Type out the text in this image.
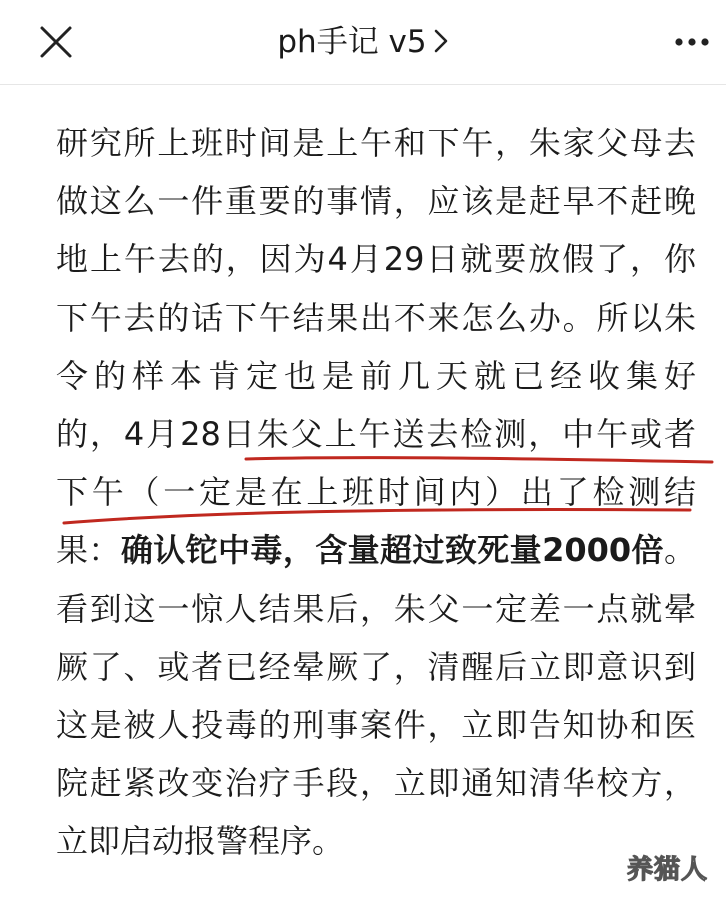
ph手记 v5
研究所上班时间是上午和下午，朱家父母去
做这么一件重要的事情，应该是赶早不赶晚
地上午去的，因为4月29日就要放假了，你
下午去的话下午结果出不来怎么办。所以朱
令的样本肯定也是前几天就已经收集好
的，4月28日朱父上午送去检测，中午或者
下午（一定是在上班时间内）出了检测结
果：确认铊中毒，含量超过致死量2000倍。
看到这一惊人结果后，朱父一定差一点就晕
厥了、或者已经晕厥了，清醒后立即意识到
这是被人投毒的刑事案件，立即告知协和医
院赶紧改变治疗手段，立即通知清华校方，
立即启动报警程序。
养猫人
